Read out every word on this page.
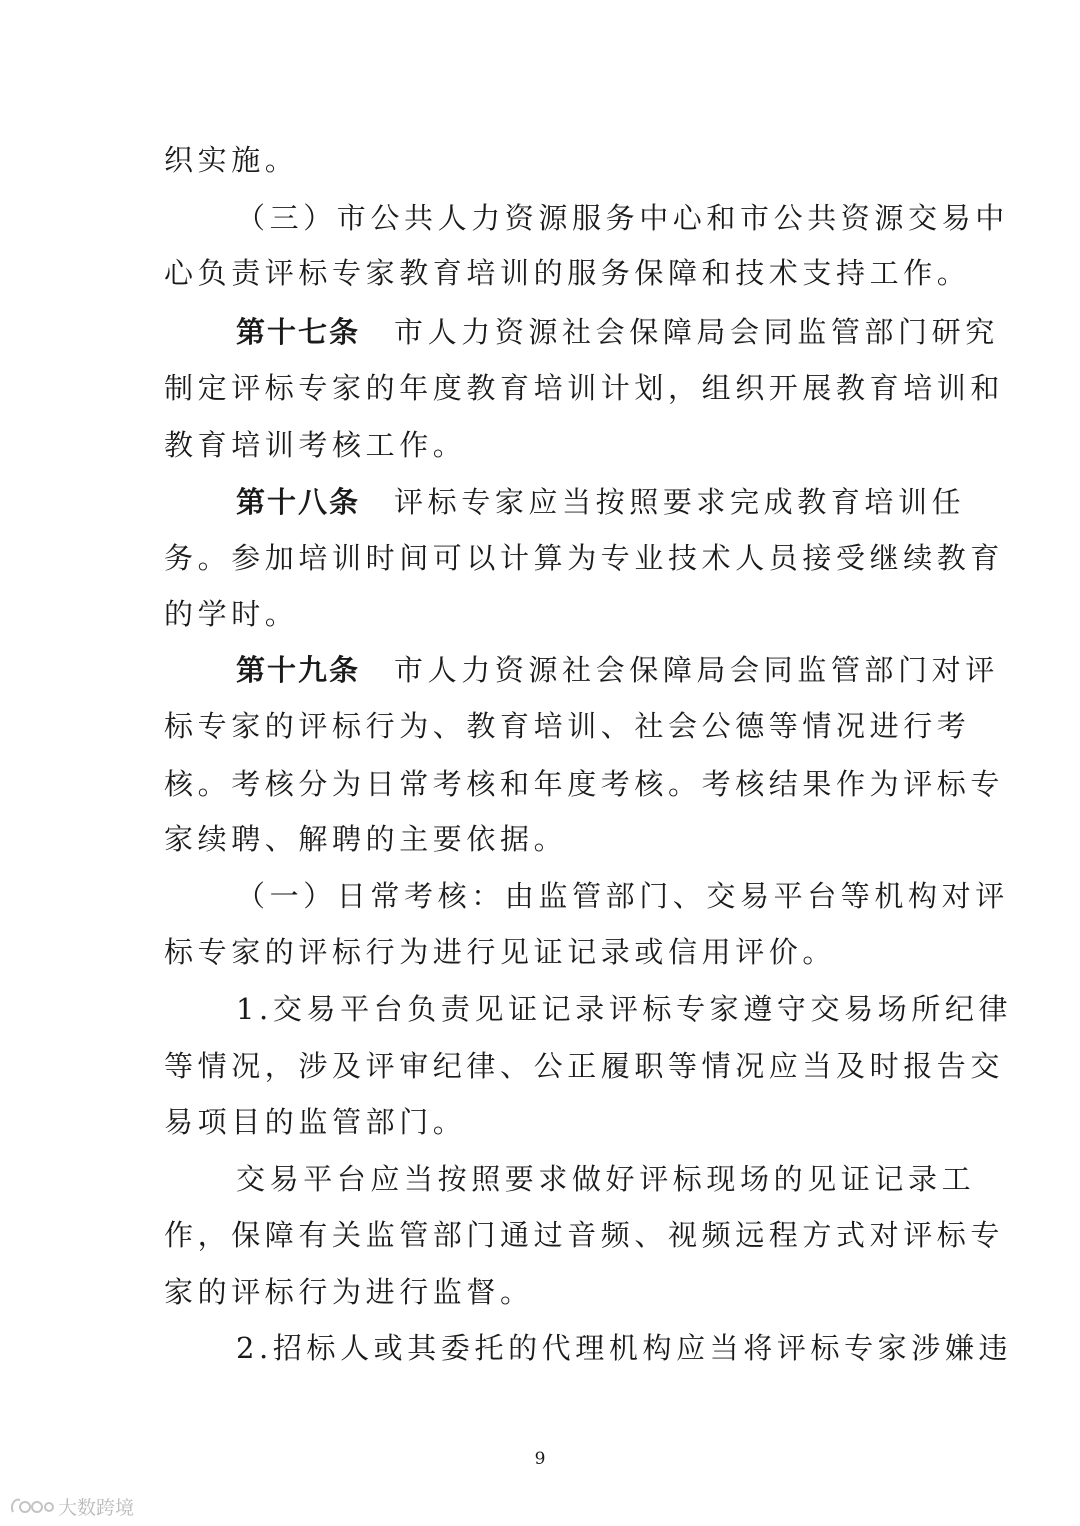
织实施。
（三）市公共人力资源服务中心和市公共资源交易中
心负责评标专家教育培训的服务保障和技术支持工作。
第十七条 市人力资源社会保障局会同监管部门研究
制定评标专家的年度教育培训计划，组织开展教育培训和
教育培训考核工作。
第十八条 评标专家应当按照要求完成教育培训任
务。参加培训时间可以计算为专业技术人员接受继续教育
的学时。
第十九条 市人力资源社会保障局会同监管部门对评
标专家的评标行为、教育培训、社会公德等情况进行考
核。考核分为日常考核和年度考核。考核结果作为评标专
家续聘、解聘的主要依据。
（一）日常考核：由监管部门、交易平台等机构对评
标专家的评标行为进行见证记录或信用评价。
1.交易平台负责见证记录评标专家遵守交易场所纪律
等情况，涉及评审纪律、公正履职等情况应当及时报告交
易项目的监管部门。
交易平台应当按照要求做好评标现场的见证记录工
作，保障有关监管部门通过音频、视频远程方式对评标专
家的评标行为进行监督。
2.招标人或其委托的代理机构应当将评标专家涉嫌违
9
大数跨境
